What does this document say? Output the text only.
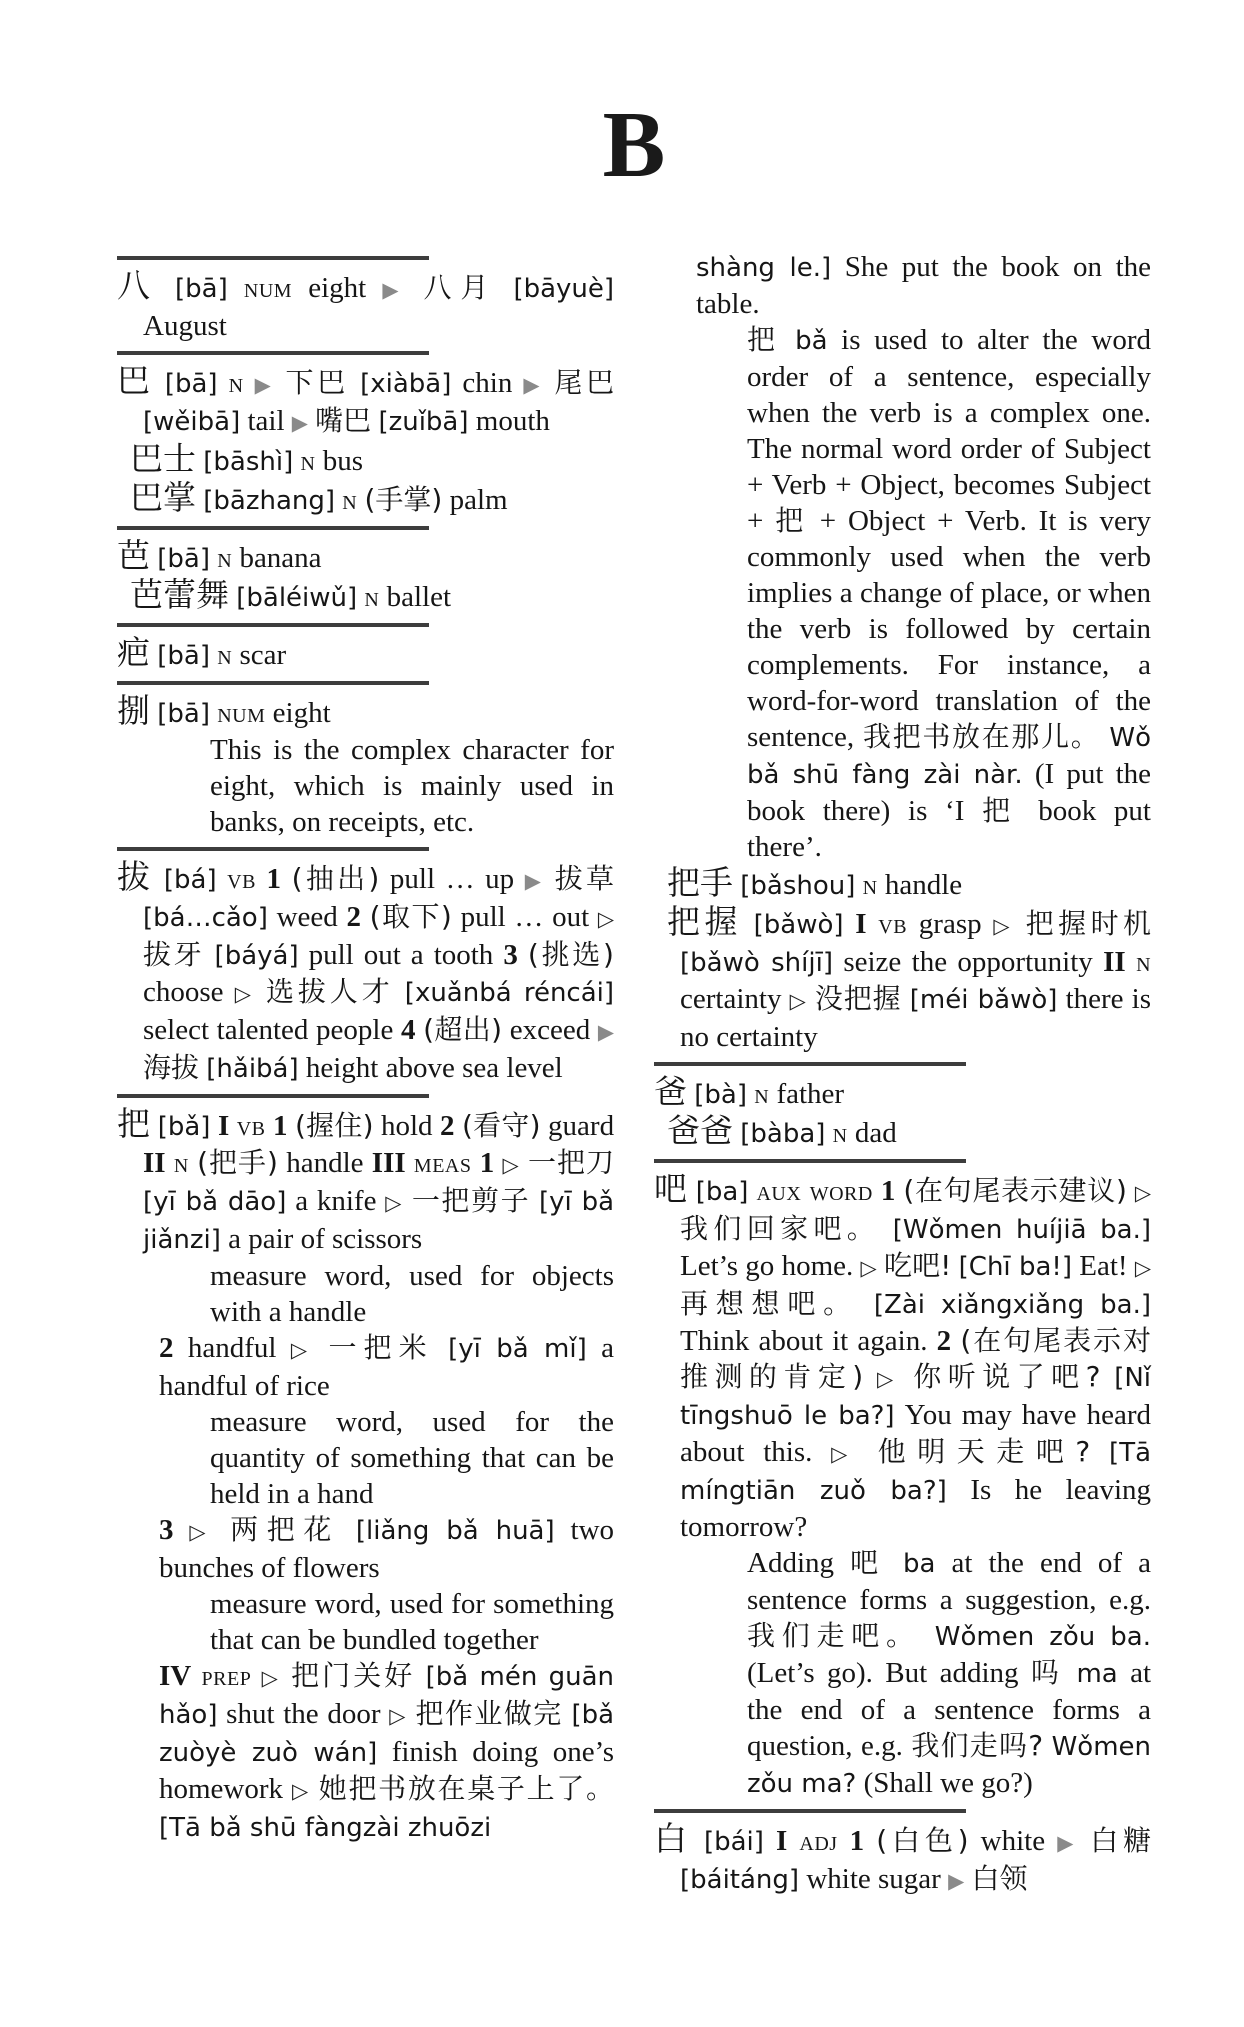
B

八 [bā] num eight ▶ 八月 [bāyuè] August

巴 [bā] n ▶ 下巴 [xiàbā] chin ▶ 尾巴 [wěibā] tail ▶ 嘴巴 [zuǐbā] mouth

巴士 [bāshì] n bus

巴掌 [bāzhang] n (手掌) palm

芭 [bā] n banana

芭蕾舞 [bāléiwǔ] n ballet

疤 [bā] n scar

捌 [bā] num eight

This is the complex character for eight, which is mainly used in banks, on receipts, etc.

拔 [bá] vb 1 (抽出) pull … up ▶ 拔草 [bá…cǎo] weed 2 (取下) pull … out ▷ 拔牙 [báyá] pull out a tooth 3 (挑选) choose ▷ 选拔人才 [xuǎnbá réncái] select talented people 4 (超出) exceed ▶ 海拔 [hǎibá] height above sea level

把 [bǎ] I vb 1 (握住) hold 2 (看守) guard II n (把手) handle III meas 1 ▷ 一把刀 [yī bǎ dāo] a knife ▷ 一把剪子 [yī bǎ jiǎnzi] a pair of scissors

measure word, used for objects with a handle

2 handful ▷ 一把米 [yī bǎ mǐ] a handful of rice

measure word, used for the quantity of something that can be held in a hand

3 ▷ 两把花 [liǎng bǎ huā] two bunches of flowers

measure word, used for something that can be bundled together

IV prep ▷ 把门关好 [bǎ mén guān hǎo] shut the door ▷ 把作业做完 [bǎ zuòyè zuò wán] finish doing one’s homework ▷ 她把书放在桌子上了。 [Tā bǎ shū fàngzài zhuōzi

shàng le.] She put the book on the table.

把 bǎ is used to alter the word order of a sentence, especially when the verb is a complex one. The normal word order of Subject + Verb + Object, becomes Subject + 把 + Object + Verb. It is very commonly used when the verb implies a change of place, or when the verb is followed by certain complements. For instance, a word-for-word translation of the sentence, 我把书放在那儿。 Wǒ bǎ shū fàng zài nàr. (I put the book there) is ‘I 把 book put there’.

把手 [bǎshou] n handle

把握 [bǎwò] I vb grasp ▷ 把握时机 [bǎwò shíjī] seize the opportunity II n certainty ▷ 没把握 [méi bǎwò] there is no certainty

爸 [bà] n father

爸爸 [bàba] n dad

吧 [ba] aux word 1 (在句尾表示建议) ▷ 我们回家吧。 [Wǒmen huíjiā ba.] Let’s go home. ▷ 吃吧! [Chī ba!] Eat! ▷ 再想想吧。 [Zài xiǎngxiǎng ba.] Think about it again. 2 (在句尾表示对推测的肯定) ▷ 你听说了吧? [Nǐ tīngshuō le ba?] You may have heard about this. ▷ 他明天走吧? [Tā míngtiān zuǒ ba?] Is he leaving tomorrow?

Adding 吧 ba at the end of a sentence forms a suggestion, e.g. 我们走吧。 Wǒmen zǒu ba. (Let’s go). But adding 吗 ma at the end of a sentence forms a question, e.g. 我们走吗? Wǒmen zǒu ma? (Shall we go?)

白 [bái] I adj 1 (白色) white ▶ 白糖 [báitáng] white sugar ▶ 白领
